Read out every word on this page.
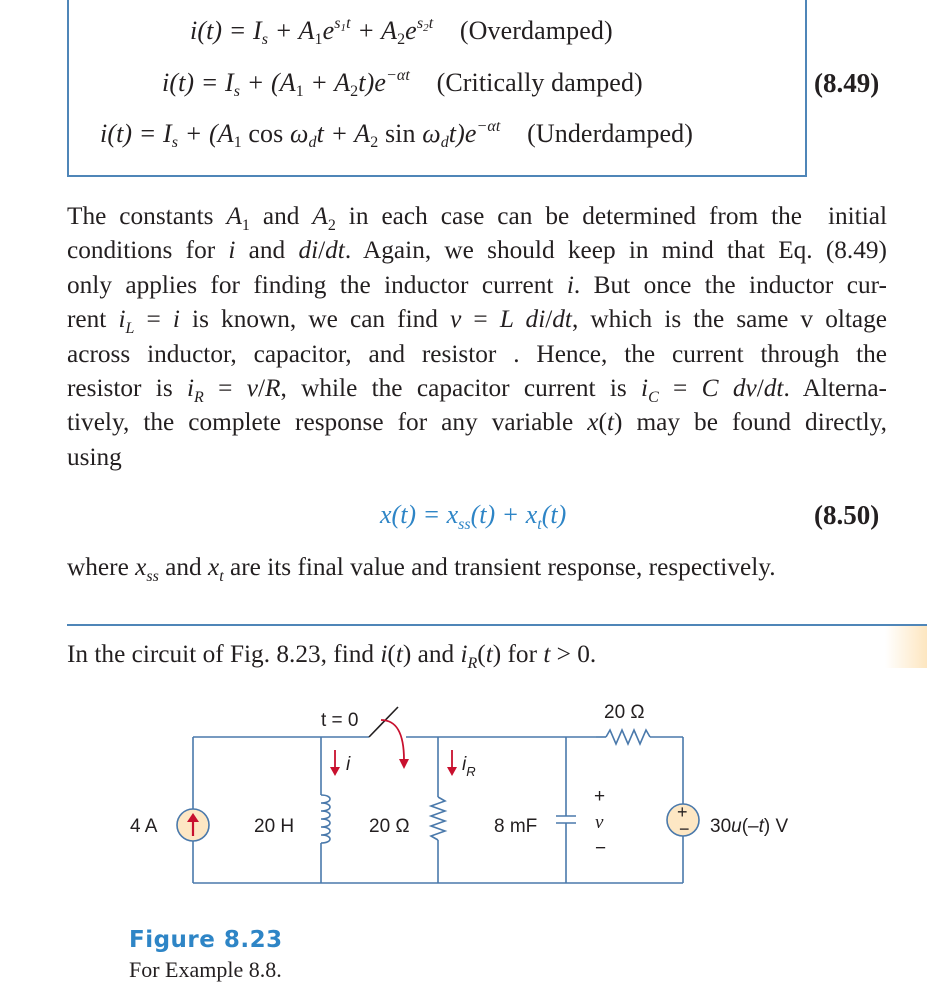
$i(t) = I_s + A_1e^{s_1t} + A_2e^{s_2t}$ (Overdamped)
$i(t) = I_s + (A_1 + A_2t)e^{-\alpha t}$ (Critically damped)
$i(t) = I_s + (A_1$ $\cos \omega_dt + A_2$ $\sin \omega_dt)e^{-\alpha t}$ (Underdamped)
(8.49)
The constants $A_1$ and $A_2$ in each case can be determined from the  initial
conditions for i and di/dt. Again, we should keep in mind that Eq. (8.49)
only applies for finding the inductor current i. But once the inductor cur-
rent $i_L = i$ is known, we can find v = L di/dt, which is the same v oltage
across inductor, capacitor, and resistor . Hence, the current through the
resistor is $i_R = v/R$, while the capacitor current is $i_C = C$ dv/dt. Alterna-
tively, the complete response for any variable x(t) may be found directly,
using
$x(t) = x_{ss}(t) + x_t(t)$	(8.50)
where $x_{ss}$ and $x_t$ are its final value and transient response, respectively.
In the circuit of Fig. 8.23, find i(t) and $i_R(t)$ for t > 0.
+
−
t = 0
i	$i_R$
4 A	20 H	20 Ω	8 mF
20 Ω
+
v
−
30u(–t) V
Figure 8.23
For Example 8.8.
